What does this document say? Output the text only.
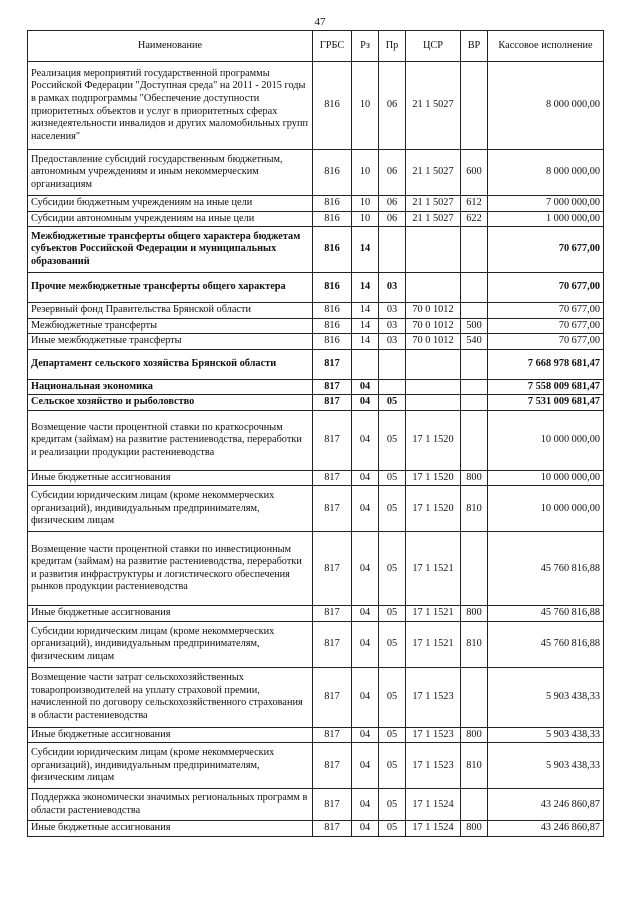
47
Наименование	ГРБС	Рз	Пр	ЦСР	ВР	Кассовое исполнение
Реализация мероприятий государственной программы Российской Федерации "Доступная среда" на 2011 - 2015 годы в рамках подпрограммы "Обеспечение доступности приоритетных объектов и услуг в приоритетных сферах жизнедеятельности инвалидов и других маломобильных групп населения"	816	10	06	21 1 5027		8 000 000,00
Предоставление субсидий государственным бюджетным, автономным учреждениям и иным некоммерческим организациям	816	10	06	21 1 5027	600	8 000 000,00
Субсидии бюджетным учреждениям на иные цели	816	10	06	21 1 5027	612	7 000 000,00
Субсидии автономным учреждениям на иные цели	816	10	06	21 1 5027	622	1 000 000,00
Межбюджетные трансферты общего характера бюджетам субъектов Российской Федерации и муниципальных образований	816	14				70 677,00
Прочие межбюджетные трансферты общего характера	816	14	03			70 677,00
Резервный фонд Правительства Брянской области	816	14	03	70 0 1012		70 677,00
Межбюджетные трансферты	816	14	03	70 0 1012	500	70 677,00
Иные межбюджетные трансферты	816	14	03	70 0 1012	540	70 677,00
Департамент сельского хозяйства Брянской области	817					7 668 978 681,47
Национальная экономика	817	04				7 558 009 681,47
Сельское хозяйство и рыболовство	817	04	05			7 531 009 681,47
Возмещение части процентной ставки по краткосрочным кредитам (займам) на развитие растениеводства, переработки и реализации продукции растениеводства	817	04	05	17 1 1520		10 000 000,00
Иные бюджетные ассигнования	817	04	05	17 1 1520	800	10 000 000,00
Субсидии юридическим лицам (кроме некоммерческих организаций), индивидуальным предпринимателям, физическим лицам	817	04	05	17 1 1520	810	10 000 000,00
Возмещение части процентной ставки по инвестиционным кредитам (займам) на развитие растениеводства, переработки и развития инфраструктуры и логистического обеспечения рынков продукции растениеводства	817	04	05	17 1 1521		45 760 816,88
Иные бюджетные ассигнования	817	04	05	17 1 1521	800	45 760 816,88
Субсидии юридическим лицам (кроме некоммерческих организаций), индивидуальным предпринимателям, физическим лицам	817	04	05	17 1 1521	810	45 760 816,88
Возмещение части затрат сельскохозяйственных товаропроизводителей на уплату страховой премии, начисленной по договору сельскохозяйственного страхования в области растениеводства	817	04	05	17 1 1523		5 903 438,33
Иные бюджетные ассигнования	817	04	05	17 1 1523	800	5 903 438,33
Субсидии юридическим лицам (кроме некоммерческих организаций), индивидуальным предпринимателям, физическим лицам	817	04	05	17 1 1523	810	5 903 438,33
Поддержка экономически значимых региональных программ в области растениеводства	817	04	05	17 1 1524		43 246 860,87
Иные бюджетные ассигнования	817	04	05	17 1 1524	800	43 246 860,87
